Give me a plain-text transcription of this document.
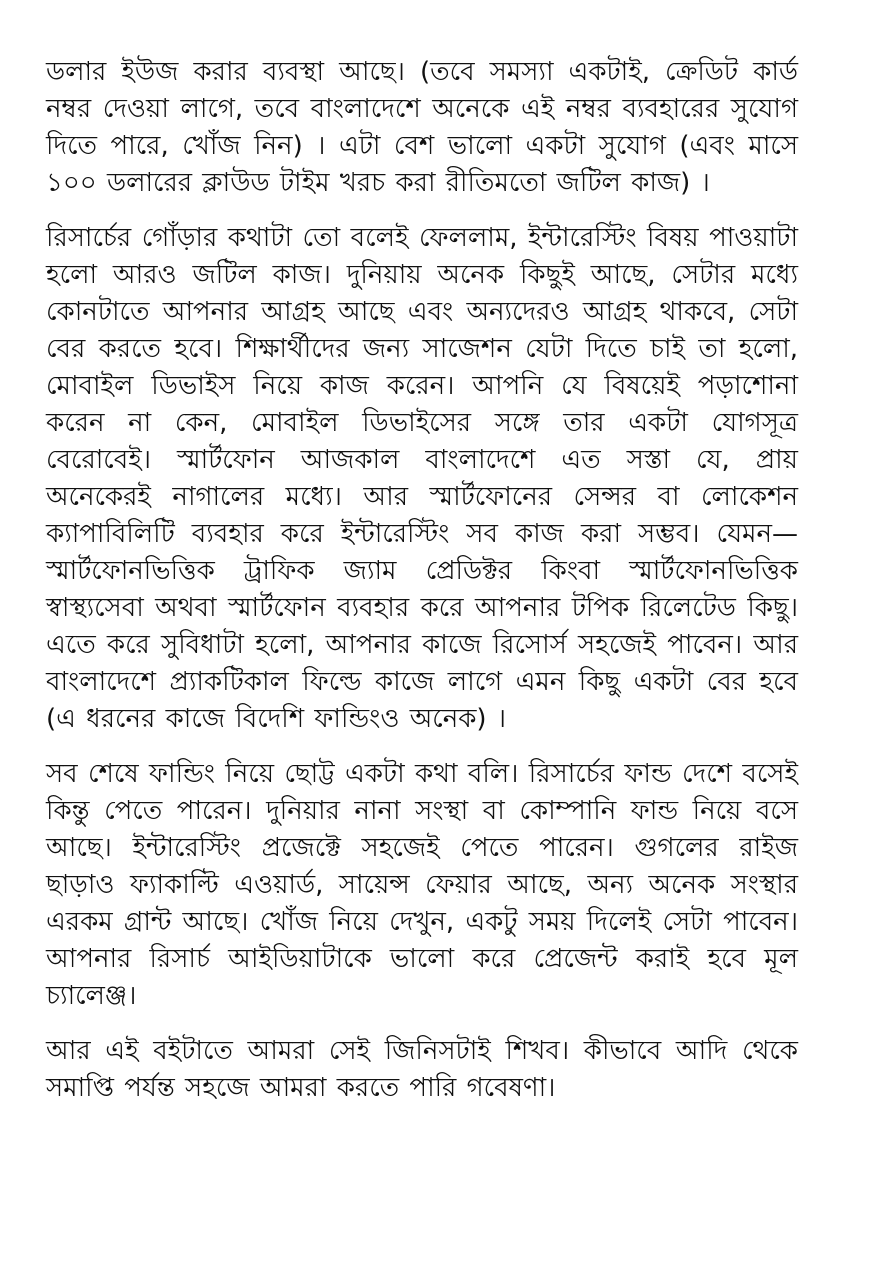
ডলার ইউজ করার ব্যবস্থা আছে। (তবে সমস্যা একটাই, ক্রেডিট কার্ড নম্বর দেওয়া লাগে, তবে বাংলাদেশে অনেকে এই নম্বর ব্যবহারের সুযোগ দিতে পারে, খোঁজ নিন) । এটা বেশ ভালো একটা সুযোগ (এবং মাসে ১০০ ডলারের ক্লাউড টাইম খরচ করা রীতিমতো জটিল কাজ) ।

রিসার্চের গোঁড়ার কথাটা তো বলেই ফেললাম, ইন্টারেস্টিং বিষয় পাওয়াটা হলো আরও জটিল কাজ। দুনিয়ায় অনেক কিছুই আছে, সেটার মধ্যে কোনটাতে আপনার আগ্রহ আছে এবং অন্যদেরও আগ্রহ থাকবে, সেটা বের করতে হবে। শিক্ষার্থীদের জন্য সাজেশন যেটা দিতে চাই তা হলো, মোবাইল ডিভাইস নিয়ে কাজ করেন। আপনি যে বিষয়েই পড়াশোনা করেন না কেন, মোবাইল ডিভাইসের সঙ্গে তার একটা যোগসূত্র বেরোবেই। স্মার্টফোন আজকাল বাংলাদেশে এত সস্তা যে, প্রায় অনেকেরই নাগালের মধ্যে। আর স্মার্টফোনের সেন্সর বা লোকেশন ক্যাপাবিলিটি ব্যবহার করে ইন্টারেস্টিং সব কাজ করা সম্ভব। যেমন— স্মার্টফোনভিত্তিক ট্রাফিক জ্যাম প্রেডিক্টর কিংবা স্মার্টফোনভিত্তিক স্বাস্থ্যসেবা অথবা স্মার্টফোন ব্যবহার করে আপনার টপিক রিলেটেড কিছু। এতে করে সুবিধাটা হলো, আপনার কাজে রিসোর্স সহজেই পাবেন। আর বাংলাদেশে প্র্যাকটিকাল ফিল্ডে কাজে লাগে এমন কিছু একটা বের হবে (এ ধরনের কাজে বিদেশি ফান্ডিংও অনেক) ।

সব শেষে ফান্ডিং নিয়ে ছোট্ট একটা কথা বলি। রিসার্চের ফান্ড দেশে বসেই কিন্তু পেতে পারেন। দুনিয়ার নানা সংস্থা বা কোম্পানি ফান্ড নিয়ে বসে আছে। ইন্টারেস্টিং প্রজেক্টে সহজেই পেতে পারেন। গুগলের রাইজ ছাড়াও ফ্যাকাল্টি এওয়ার্ড, সায়েন্স ফেয়ার আছে, অন্য অনেক সংস্থার এরকম গ্রান্ট আছে। খোঁজ নিয়ে দেখুন, একটু সময় দিলেই সেটা পাবেন। আপনার রিসার্চ আইডিয়াটাকে ভালো করে প্রেজেন্ট করাই হবে মূল চ্যালেঞ্জ।

আর এই বইটাতে আমরা সেই জিনিসটাই শিখব। কীভাবে আদি থেকে সমাপ্তি পর্যন্ত সহজে আমরা করতে পারি গবেষণা।
